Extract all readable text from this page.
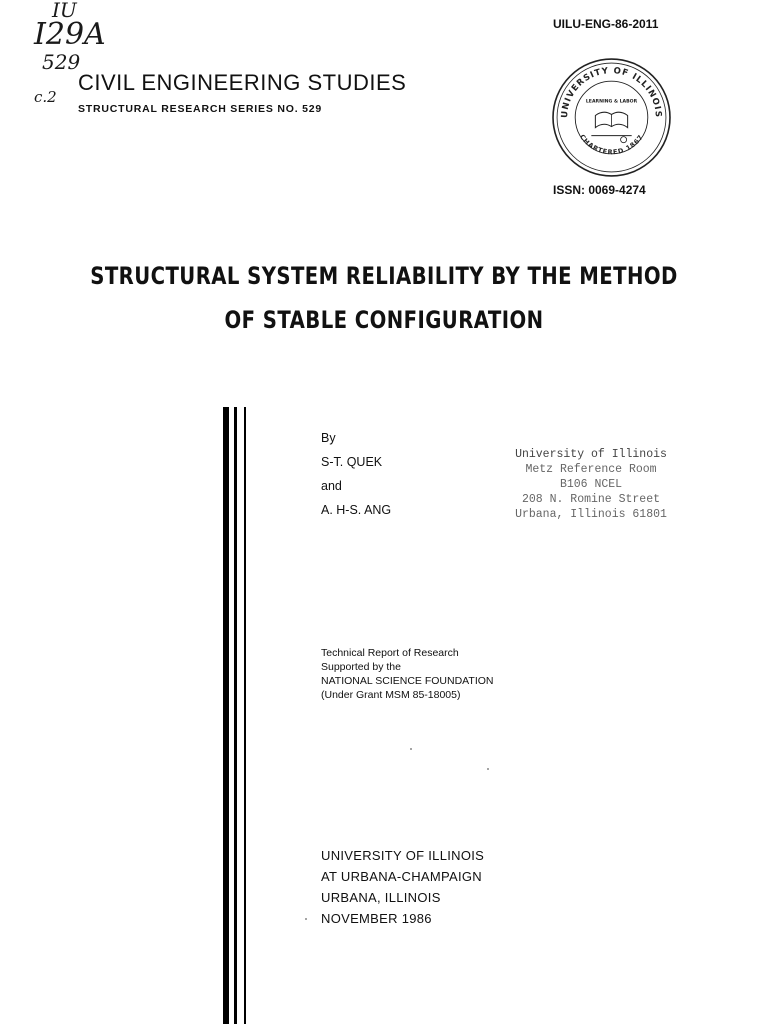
IU
I29A
529
c.2
CIVIL ENGINEERING STUDIES
STRUCTURAL RESEARCH SERIES NO. 529
UILU-ENG-86-2011
UNIVERSITY OF ILLINOIS
CHARTERED 1867
LEARNING & LABOR
ISSN: 0069-4274
STRUCTURAL SYSTEM RELIABILITY BY THE METHOD
OF STABLE CONFIGURATION
By
S-T. QUEK
and
A. H-S. ANG
University of Illinois
Metz Reference Room
B106 NCEL
208 N. Romine Street
Urbana, Illinois 61801
Technical Report of Research
Supported by the
NATIONAL SCIENCE FOUNDATION
(Under Grant MSM 85-18005)
UNIVERSITY OF ILLINOIS
AT URBANA-CHAMPAIGN
URBANA, ILLINOIS
NOVEMBER 1986
